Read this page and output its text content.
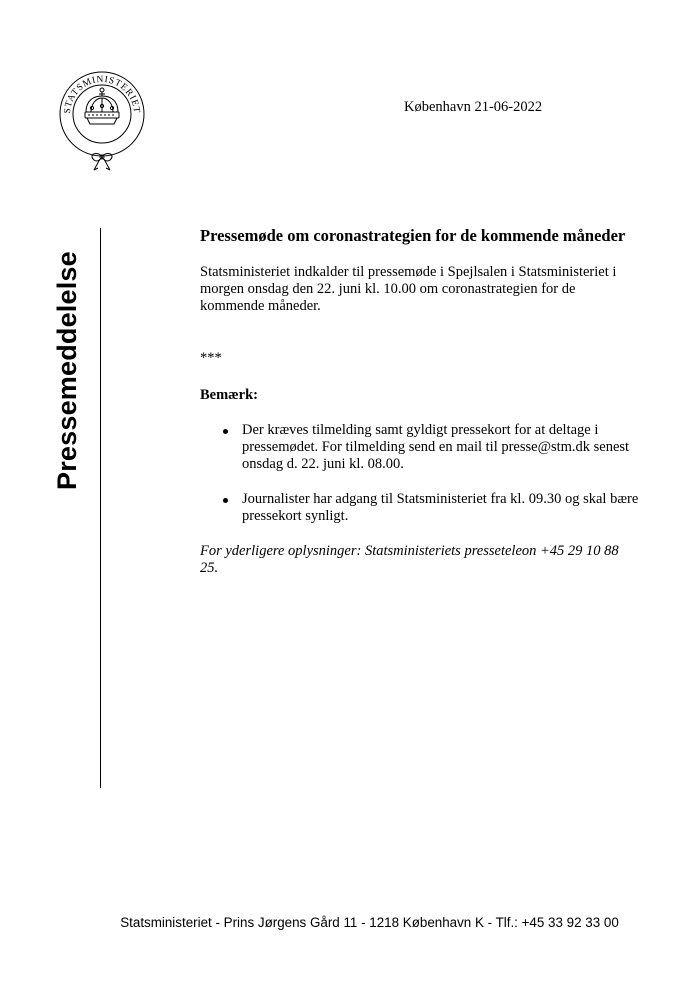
STATSMINISTERIET	København 21-06-2022
Pressemeddelelse
Pressemøde om coronastrategien for de kommende måneder
Statsministeriet indkalder til pressemøde i Spejlsalen i Statsministeriet i morgen onsdag den 22. juni kl. 10.00 om coronastrategien for de kommende måneder.
***
Bemærk:
Der kræves tilmelding samt gyldigt pressekort for at deltage i pressemødet. For tilmelding send en mail til presse@stm.dk senest onsdag d. 22. juni kl. 08.00.
Journalister har adgang til Statsministeriet fra kl. 09.30 og skal bære pressekort synligt.
For yderligere oplysninger: Statsministeriets presseteleon +45 29 10 88 25.
Statsministeriet - Prins Jørgens Gård 11 - 1218 København K - Tlf.: +45 33 92 33 00
